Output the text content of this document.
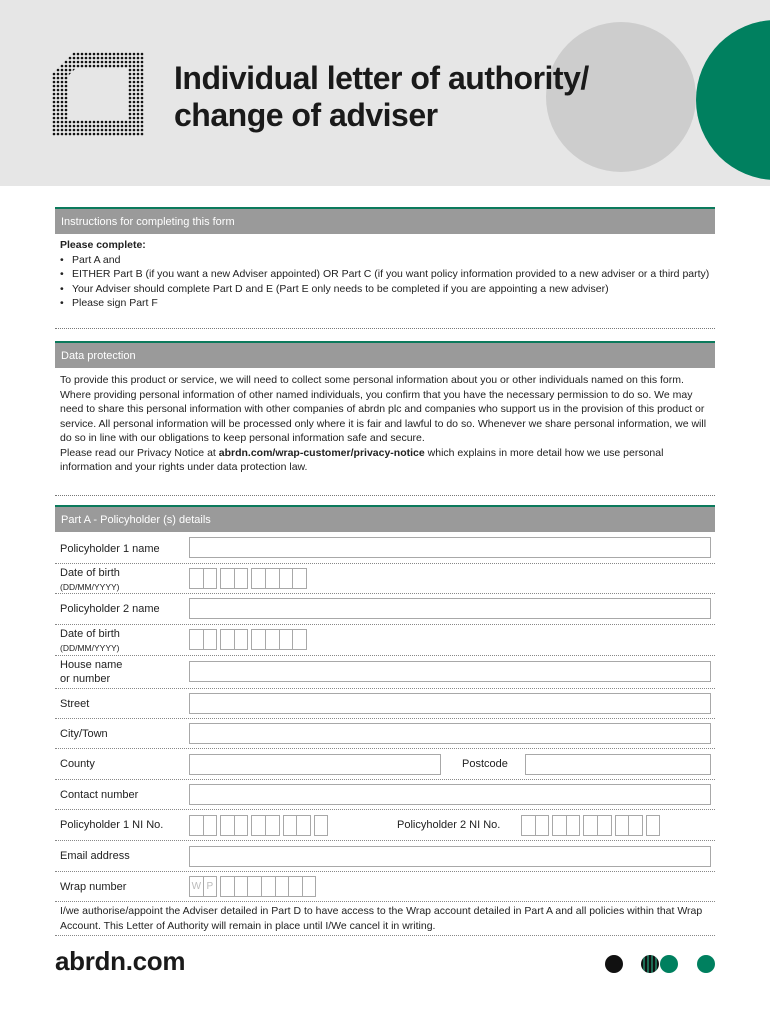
Individual letter of authority/
change of adviser
Instructions for completing this form
Please complete:
• Part A and
• EITHER Part B (if you want a new Adviser appointed) OR Part C (if you want policy information provided to a new adviser or a third party)
• Your Adviser should complete Part D and E (Part E only needs to be completed if you are appointing a new adviser)
• Please sign Part F
Data protection
To provide this product or service, we will need to collect some personal information about you or other individuals named on this form. Where providing personal information of other named individuals, you confirm that you have the necessary permission to do so. We may need to share this personal information with other companies of abrdn plc and companies who support us in the provision of this product or service. All personal information will be processed only where it is fair and lawful to do so. Whenever we share personal information, we will do so in line with our obligations to keep personal information safe and secure.
Please read our Privacy Notice at abrdn.com/wrap-customer/privacy-notice which explains in more detail how we use personal information and your rights under data protection law.
Part A - Policyholder (s) details
Policyholder 1 name
Date of birth
(DD/MM/YYYY)
Policyholder 2 name
Date of birth
(DD/MM/YYYY)
House name
or number
Street
City/Town
County	Postcode
Contact number
Policyholder 1 NI No.	Policyholder 2 NI No.
Email address
Wrap number	W P
I/we authorise/appoint the Adviser detailed in Part D to have access to the Wrap account detailed in Part A and all policies within that Wrap Account. This Letter of Authority will remain in place until I/We cancel it in writing.
abrdn.com
